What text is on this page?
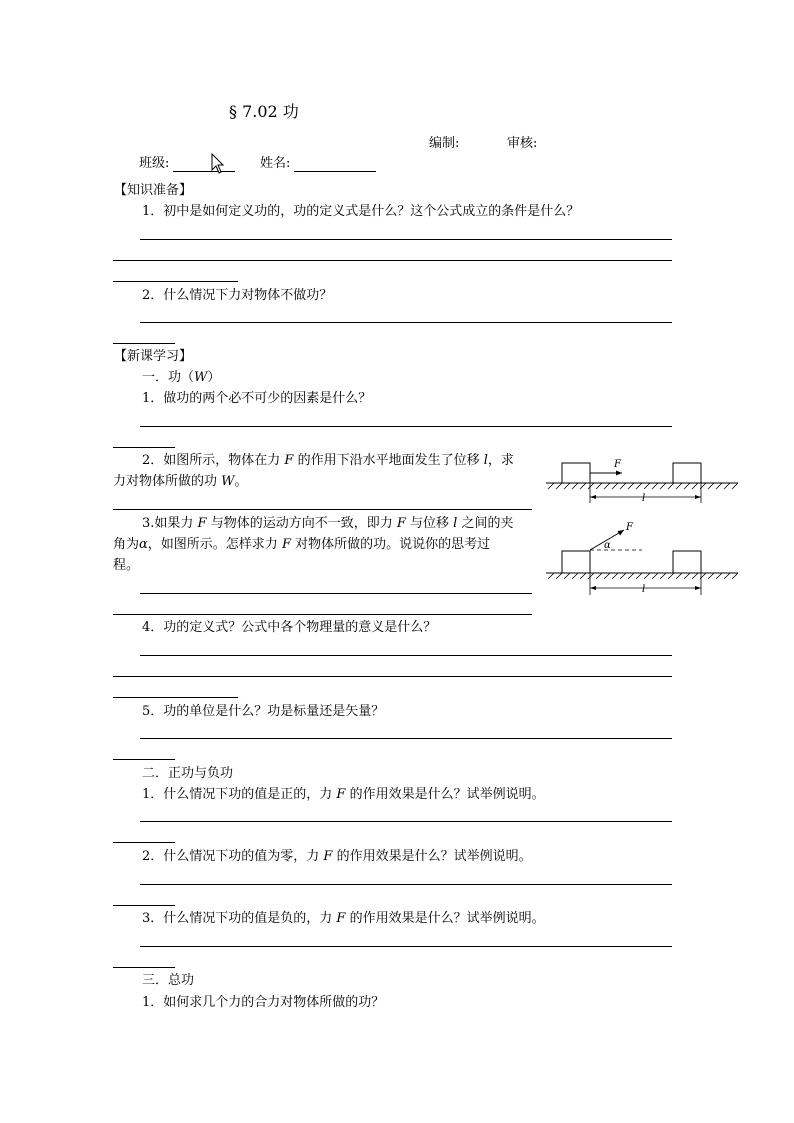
§ 7.02 功
编制:	审核:
班级:	姓名:
【知识准备】
1．初中是如何定义功的，功的定义式是什么？这个公式成立的条件是什么？
2．什么情况下力对物体不做功？
【新课学习】
一．功（W）
1．做功的两个必不可少的因素是什么？
2．如图所示，物体在力 F 的作用下沿水平地面发生了位移 l，求
力对物体所做的功 W。
F
l
3.如果力 F 与物体的运动方向不一致，即力 F 与位移 l 之间的夹
角为α，如图所示。怎样求力 F 对物体所做的功。说说你的思考过
程。
F
α
l
4．功的定义式？公式中各个物理量的意义是什么？
5．功的单位是什么？功是标量还是矢量？
二．正功与负功
1．什么情况下功的值是正的，力 F 的作用效果是什么？试举例说明。
2．什么情况下功的值为零，力 F 的作用效果是什么？试举例说明。
3．什么情况下功的值是负的，力 F 的作用效果是什么？试举例说明。
三．总功
1．如何求几个力的合力对物体所做的功？
